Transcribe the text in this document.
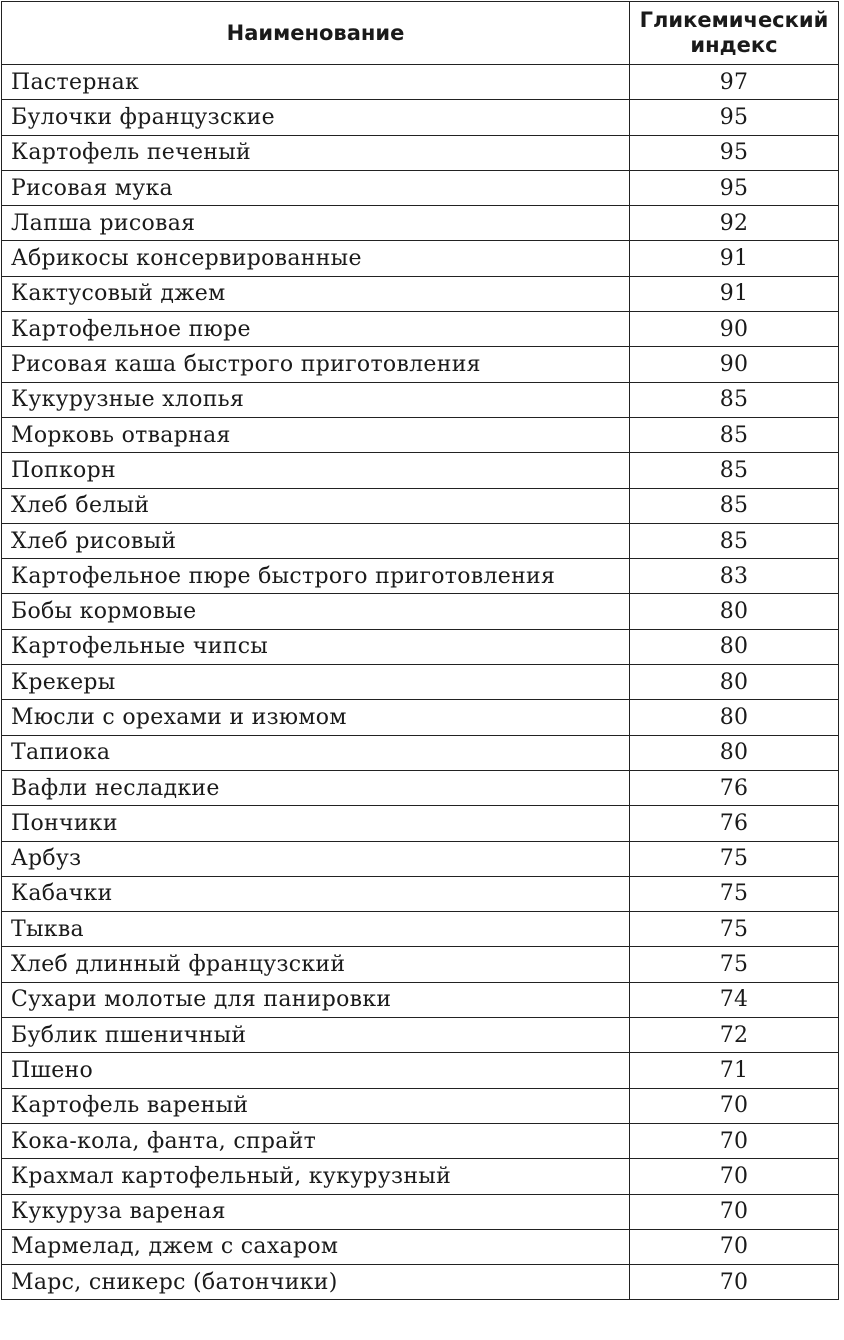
Наименование	Гликемический
индекс
Пастернак	97
Булочки французские	95
Картофель печеный	95
Рисовая мука	95
Лапша рисовая	92
Абрикосы консервированные	91
Кактусовый джем	91
Картофельное пюре	90
Рисовая каша быстрого приготовления	90
Кукурузные хлопья	85
Морковь отварная	85
Попкорн	85
Хлеб белый	85
Хлеб рисовый	85
Картофельное пюре быстрого приготовления	83
Бобы кормовые	80
Картофельные чипсы	80
Крекеры	80
Мюсли с орехами и изюмом	80
Тапиока	80
Вафли несладкие	76
Пончики	76
Арбуз	75
Кабачки	75
Тыква	75
Хлеб длинный французский	75
Сухари молотые для панировки	74
Бублик пшеничный	72
Пшено	71
Картофель вареный	70
Кока-кола, фанта, спрайт	70
Крахмал картофельный, кукурузный	70
Кукуруза вареная	70
Мармелад, джем с сахаром	70
Марс, сникерс (батончики)	70
